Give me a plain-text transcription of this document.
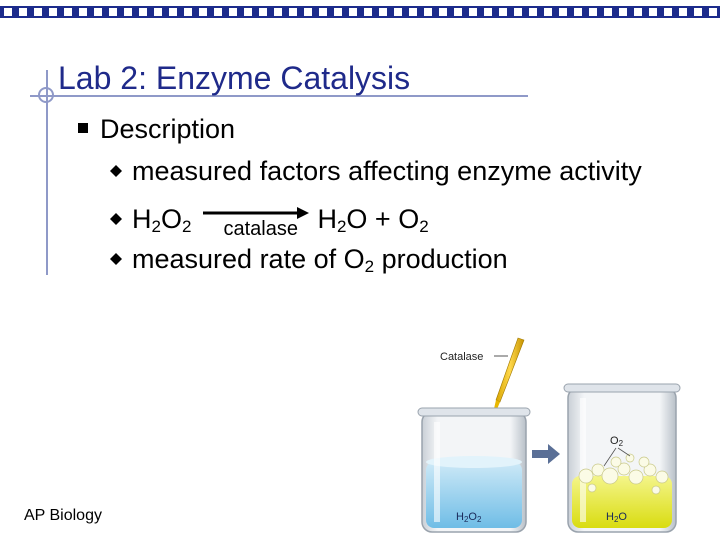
Lab 2: Enzyme Catalysis
Description
measured factors affecting enzyme activity
$H_2O_2$ catalase $H_2O + O_2$
measured rate of $O_2$ production
AP Biology
Catalase
H2O2
O2
H2O
